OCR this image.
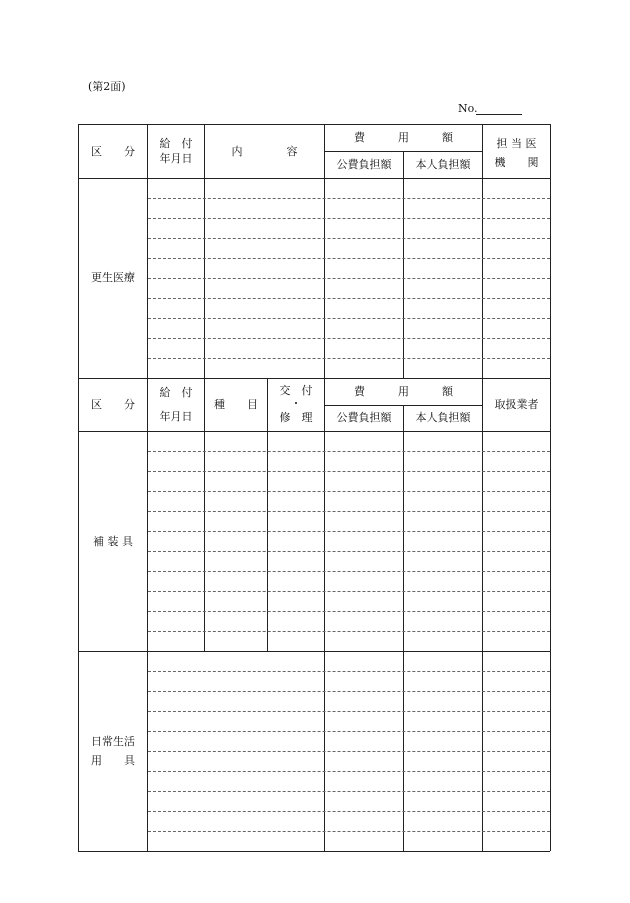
(第2面)
No.
区　　分
給　付
年月日
内　　　　容
費　　　用　　　額
公費負担額	本人負担額
担 当 医
機　　関
更生医療
区　　分
給　付
年月日
種　　目
交　付
・
修　理
費　　　用　　　額
公費負担額	本人負担額
取扱業者
補 装 具
日常生活
用　　具
